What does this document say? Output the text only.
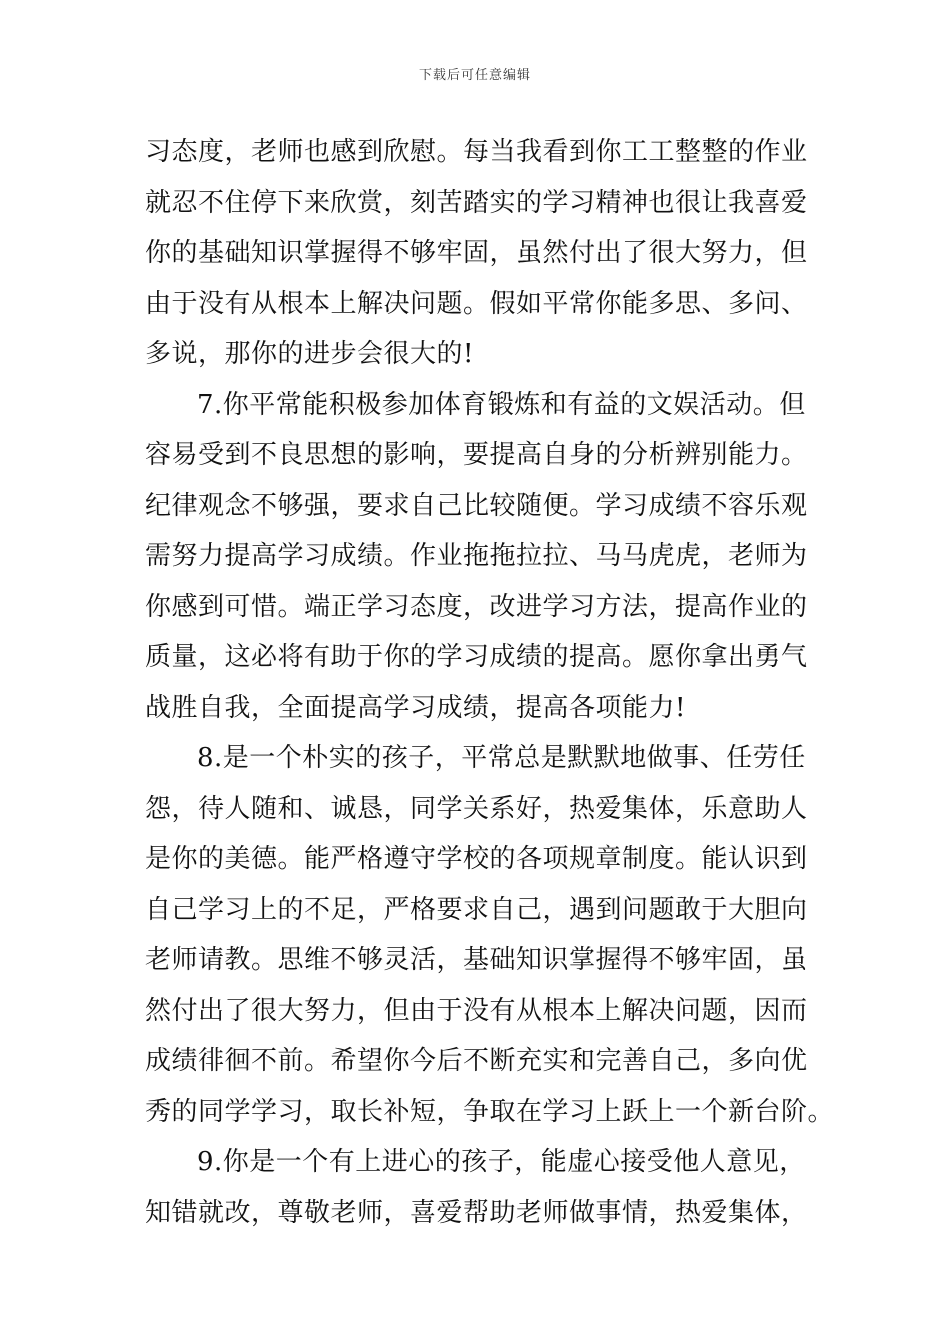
下载后可任意编辑
习态度，老师也感到欣慰。每当我看到你工工整整的作业
就忍不住停下来欣赏，刻苦踏实的学习精神也很让我喜爱
你的基础知识掌握得不够牢固，虽然付出了很大努力，但
由于没有从根本上解决问题。假如平常你能多思、多问、
多说，那你的进步会很大的!
7.你平常能积极参加体育锻炼和有益的文娱活动。但
容易受到不良思想的影响，要提高自身的分析辨别能力。
纪律观念不够强，要求自己比较随便。学习成绩不容乐观
需努力提高学习成绩。作业拖拖拉拉、马马虎虎，老师为
你感到可惜。端正学习态度，改进学习方法，提高作业的
质量，这必将有助于你的学习成绩的提高。愿你拿出勇气
战胜自我，全面提高学习成绩，提高各项能力!
8.是一个朴实的孩子，平常总是默默地做事、任劳任
怨，待人随和、诚恳，同学关系好，热爱集体，乐意助人
是你的美德。能严格遵守学校的各项规章制度。能认识到
自己学习上的不足，严格要求自己，遇到问题敢于大胆向
老师请教。思维不够灵活，基础知识掌握得不够牢固，虽
然付出了很大努力，但由于没有从根本上解决问题，因而
成绩徘徊不前。希望你今后不断充实和完善自己，多向优
秀的同学学习，取长补短，争取在学习上跃上一个新台阶。
9.你是一个有上进心的孩子，能虚心接受他人意见，
知错就改，尊敬老师，喜爱帮助老师做事情，热爱集体，
